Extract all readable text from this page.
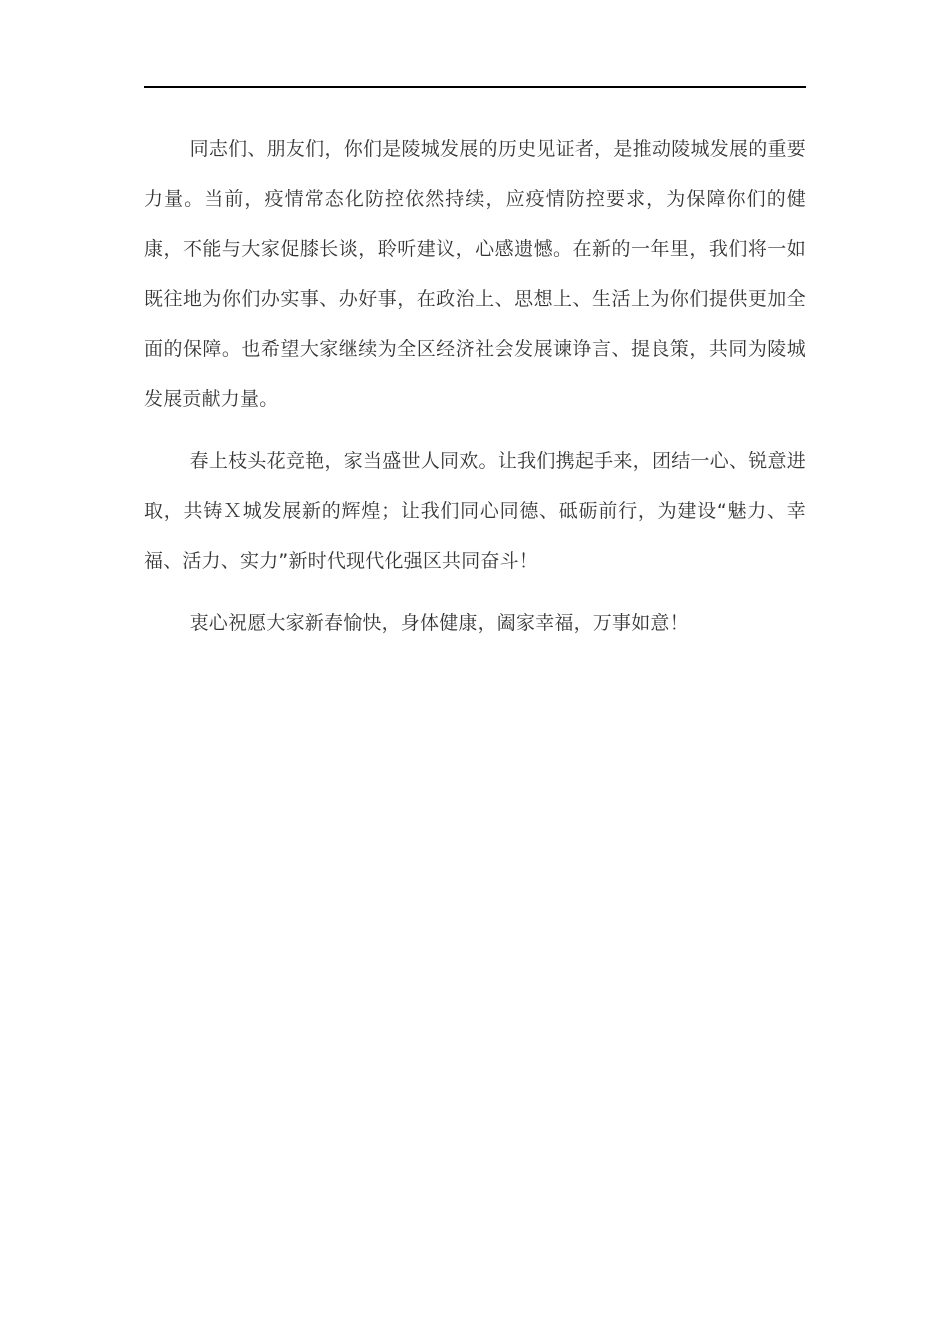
同志们、朋友们，你们是陵城发展的历史见证者，是推动陵城发展的重要力量。当前，疫情常态化防控依然持续，应疫情防控要求，为保障你们的健康，不能与大家促膝长谈，聆听建议，心感遗憾。在新的一年里，我们将一如既往地为你们办实事、办好事，在政治上、思想上、生活上为你们提供更加全面的保障。也希望大家继续为全区经济社会发展谏诤言、提良策，共同为陵城发展贡献力量。

春上枝头花竞艳，家当盛世人同欢。让我们携起手来，团结一心、锐意进取，共铸Ｘ城发展新的辉煌；让我们同心同德、砥砺前行，为建设“魅力、幸福、活力、实力”新时代现代化强区共同奋斗！

衷心祝愿大家新春愉快，身体健康，阖家幸福，万事如意！
